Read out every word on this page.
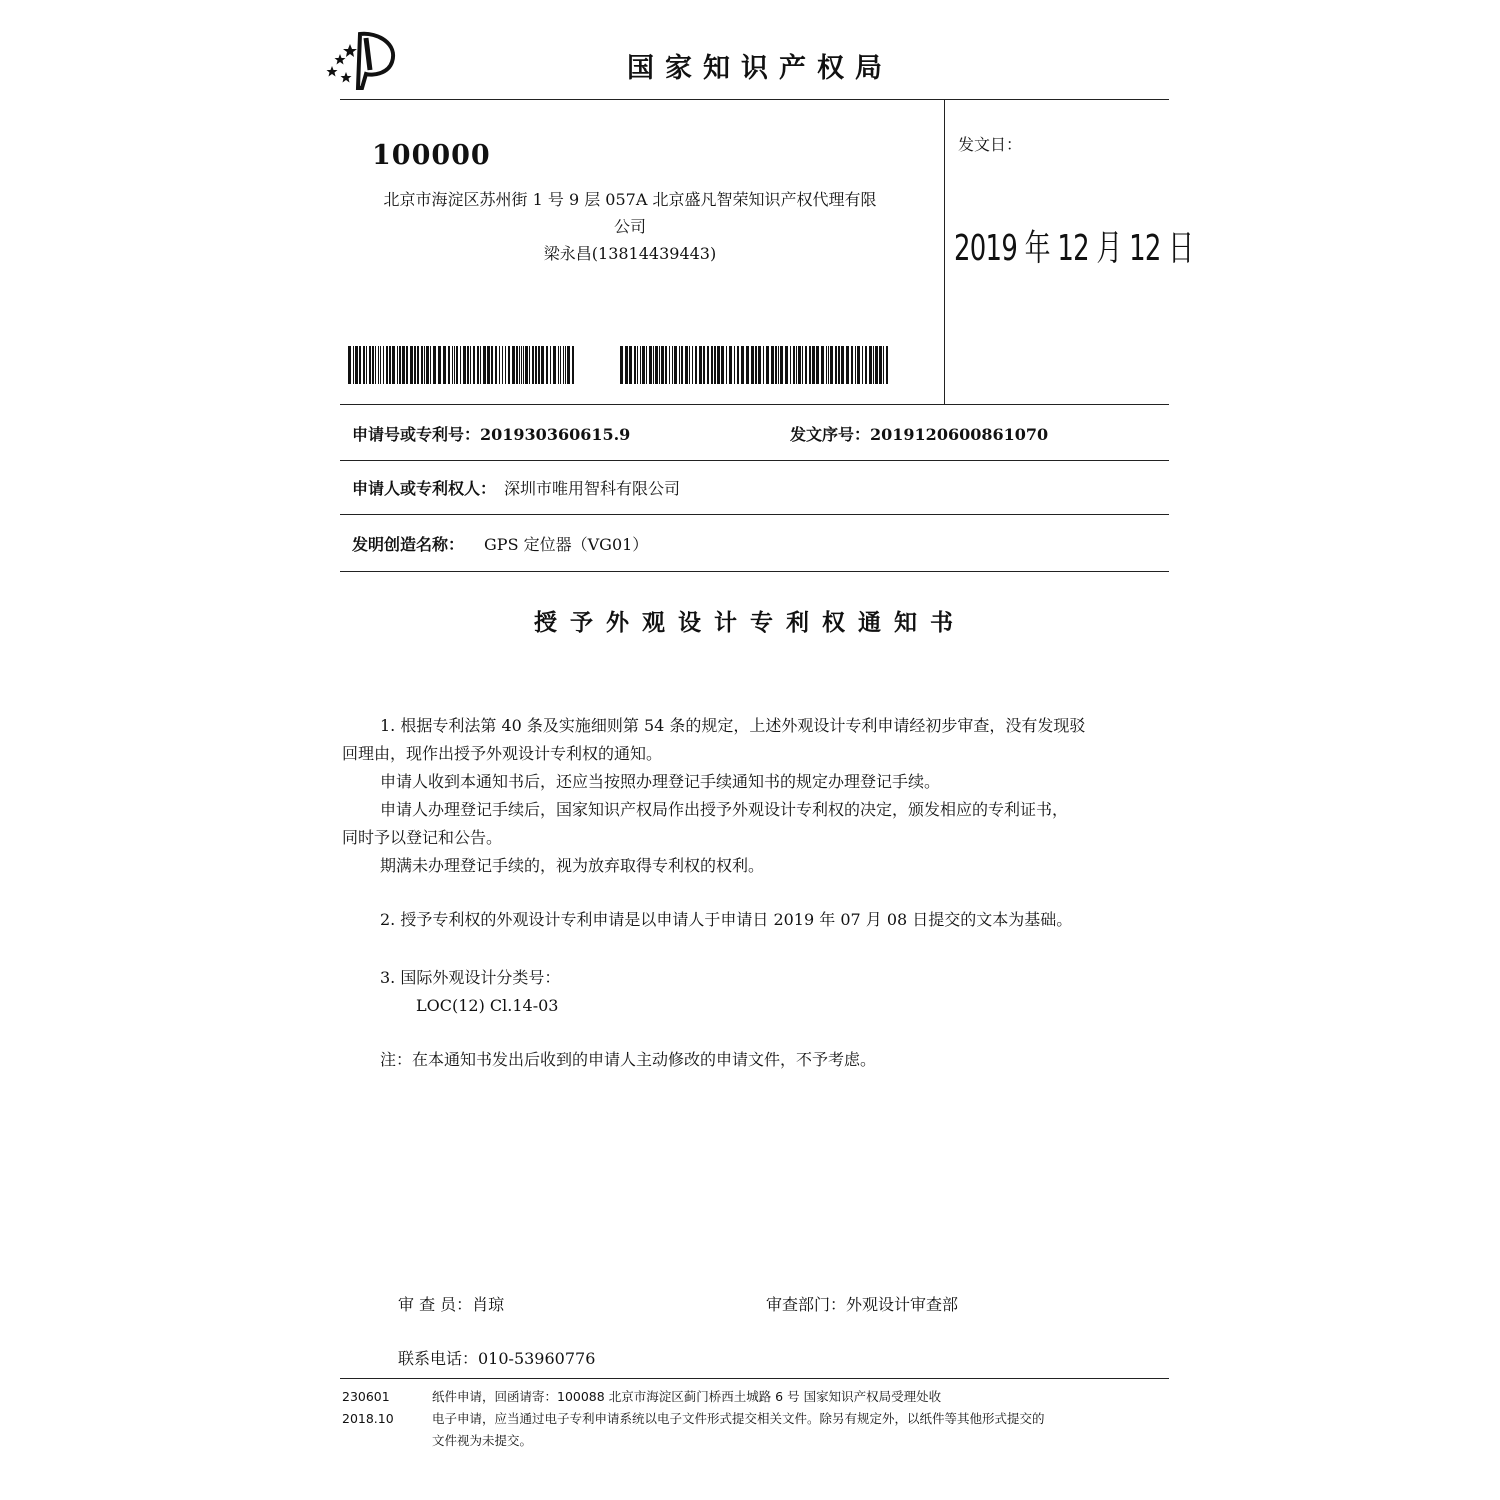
国家知识产权局
100000
北京市海淀区苏州街 1 号 9 层 057A 北京盛凡智荣知识产权代理有限
公司
梁永昌(13814439443)
发文日：
2019 年 12 月 12 日
申请号或专利号：201930360615.9	发文序号：2019120600861070
申请人或专利权人： 深圳市唯用智科有限公司
发明创造名称： GPS 定位器（VG01）
授予外观设计专利权通知书

1. 根据专利法第 40 条及实施细则第 54 条的规定，上述外观设计专利申请经初步审查，没有发现驳

回理由，现作出授予外观设计专利权的通知。

申请人收到本通知书后，还应当按照办理登记手续通知书的规定办理登记手续。

申请人办理登记手续后，国家知识产权局作出授予外观设计专利权的决定，颁发相应的专利证书，

同时予以登记和公告。

期满未办理登记手续的，视为放弃取得专利权的权利。

2. 授予专利权的外观设计专利申请是以申请人于申请日 2019 年 07 月 08 日提交的文本为基础。

3. 国际外观设计分类号：

LOC(12) Cl.14-03

注：在本通知书发出后收到的申请人主动修改的申请文件，不予考虑。

审 查 员：肖琼	审查部门：外观设计审查部
联系电话：010-53960776
230601
2018.10
纸件申请，回函请寄：100088 北京市海淀区蓟门桥西土城路 6 号 国家知识产权局受理处收
电子申请，应当通过电子专利申请系统以电子文件形式提交相关文件。除另有规定外，以纸件等其他形式提交的
文件视为未提交。
